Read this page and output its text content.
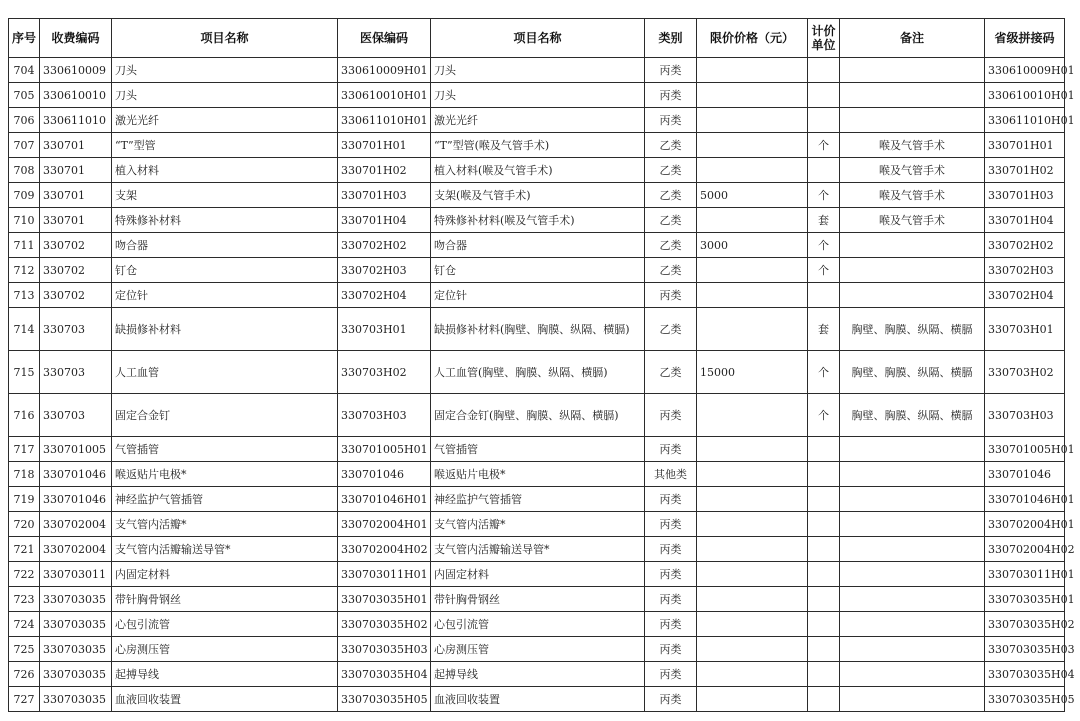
序号	收费编码	项目名称	医保编码	项目名称	类别	限价价格（元）	计价单位	备注	省级拼接码
704	330610009	刀头	330610009H01	刀头	丙类				330610009H01
705	330610010	刀头	330610010H01	刀头	丙类				330610010H01
706	330611010	激光光纤	330611010H01	激光光纤	丙类				330611010H01
707	330701	“T”型管	330701H01	“T”型管(喉及气管手术)	乙类		个	喉及气管手术	330701H01
708	330701	植入材料	330701H02	植入材料(喉及气管手术)	乙类			喉及气管手术	330701H02
709	330701	支架	330701H03	支架(喉及气管手术)	乙类	5000	个	喉及气管手术	330701H03
710	330701	特殊修补材料	330701H04	特殊修补材料(喉及气管手术)	乙类		套	喉及气管手术	330701H04
711	330702	吻合器	330702H02	吻合器	乙类	3000	个		330702H02
712	330702	钉仓	330702H03	钉仓	乙类		个		330702H03
713	330702	定位针	330702H04	定位针	丙类				330702H04
714	330703	缺损修补材料	330703H01	缺损修补材料(胸壁、胸膜、纵隔、横膈)	乙类		套	胸壁、胸膜、纵隔、横膈	330703H01
715	330703	人工血管	330703H02	人工血管(胸壁、胸膜、纵隔、横膈)	乙类	15000	个	胸壁、胸膜、纵隔、横膈	330703H02
716	330703	固定合金钉	330703H03	固定合金钉(胸壁、胸膜、纵隔、横膈)	丙类		个	胸壁、胸膜、纵隔、横膈	330703H03
717	330701005	气管插管	330701005H01	气管插管	丙类				330701005H01
718	330701046	喉返贴片电极*	330701046	喉返贴片电极*	其他类				330701046
719	330701046	神经监护气管插管	330701046H01	神经监护气管插管	丙类				330701046H01
720	330702004	支气管内活瓣*	330702004H01	支气管内活瓣*	丙类				330702004H01
721	330702004	支气管内活瓣输送导管*	330702004H02	支气管内活瓣输送导管*	丙类				330702004H02
722	330703011	内固定材料	330703011H01	内固定材料	丙类				330703011H01
723	330703035	带针胸骨钢丝	330703035H01	带针胸骨钢丝	丙类				330703035H01
724	330703035	心包引流管	330703035H02	心包引流管	丙类				330703035H02
725	330703035	心房测压管	330703035H03	心房测压管	丙类				330703035H03
726	330703035	起搏导线	330703035H04	起搏导线	丙类				330703035H04
727	330703035	血液回收装置	330703035H05	血液回收装置	丙类				330703035H05
